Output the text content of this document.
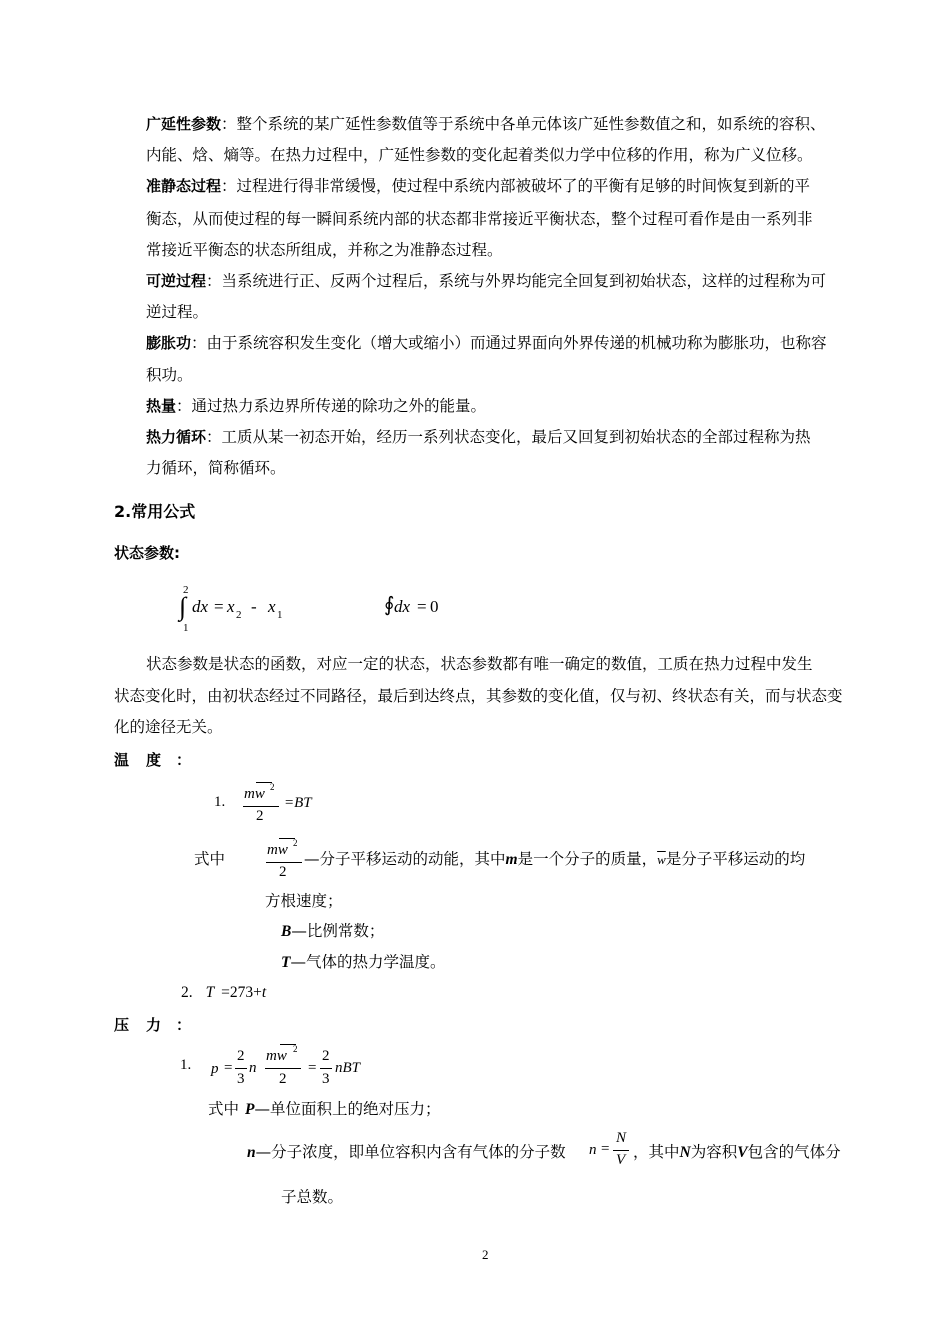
广延性参数：整个系统的某广延性参数值等于系统中各单元体该广延性参数值之和，如系统的容积、
内能、焓、熵等。在热力过程中，广延性参数的变化起着类似力学中位移的作用，称为广义位移。
准静态过程：过程进行得非常缓慢，使过程中系统内部被破坏了的平衡有足够的时间恢复到新的平
衡态，从而使过程的每一瞬间系统内部的状态都非常接近平衡状态，整个过程可看作是由一系列非
常接近平衡态的状态所组成，并称之为准静态过程。
可逆过程：当系统进行正、反两个过程后，系统与外界均能完全回复到初始状态，这样的过程称为可
逆过程。
膨胀功：由于系统容积发生变化（增大或缩小）而通过界面向外界传递的机械功称为膨胀功，也称容
积功。
热量：通过热力系边界所传递的除功之外的能量。
热力循环：工质从某一初态开始，经历一系列状态变化，最后又回复到初始状态的全部过程称为热
力循环，简称循环。
2.常用公式
状态参数:
2
∫
1
dx = x 2 - x 1	∮ dx = 0
状态参数是状态的函数，对应一定的状态，状态参数都有唯一确定的数值，工质在热力过程中发生
状态变化时，由初状态经过不同路径，最后到达终点，其参数的变化值，仅与初、终状态有关，而与状态变
化的途径无关。
温 度 ：
1. mw 2
2
=BT
式中	mw 2
2
—分子平移运动的动能，其中m是一个分子的质量，$\overline{w}$是分子平移运动的均
方根速度；
B—比例常数；
T—气体的热力学温度。
2. T =273+t
压 力 ：
1. p =
2
3
n
mw 2
2
=
2
3
nBT
式中 P—单位面积上的绝对压力；
n—分子浓度，即单位容积内含有气体的分子数 n =
N
V ，其中N为容积V包含的气体分
子总数。
2
